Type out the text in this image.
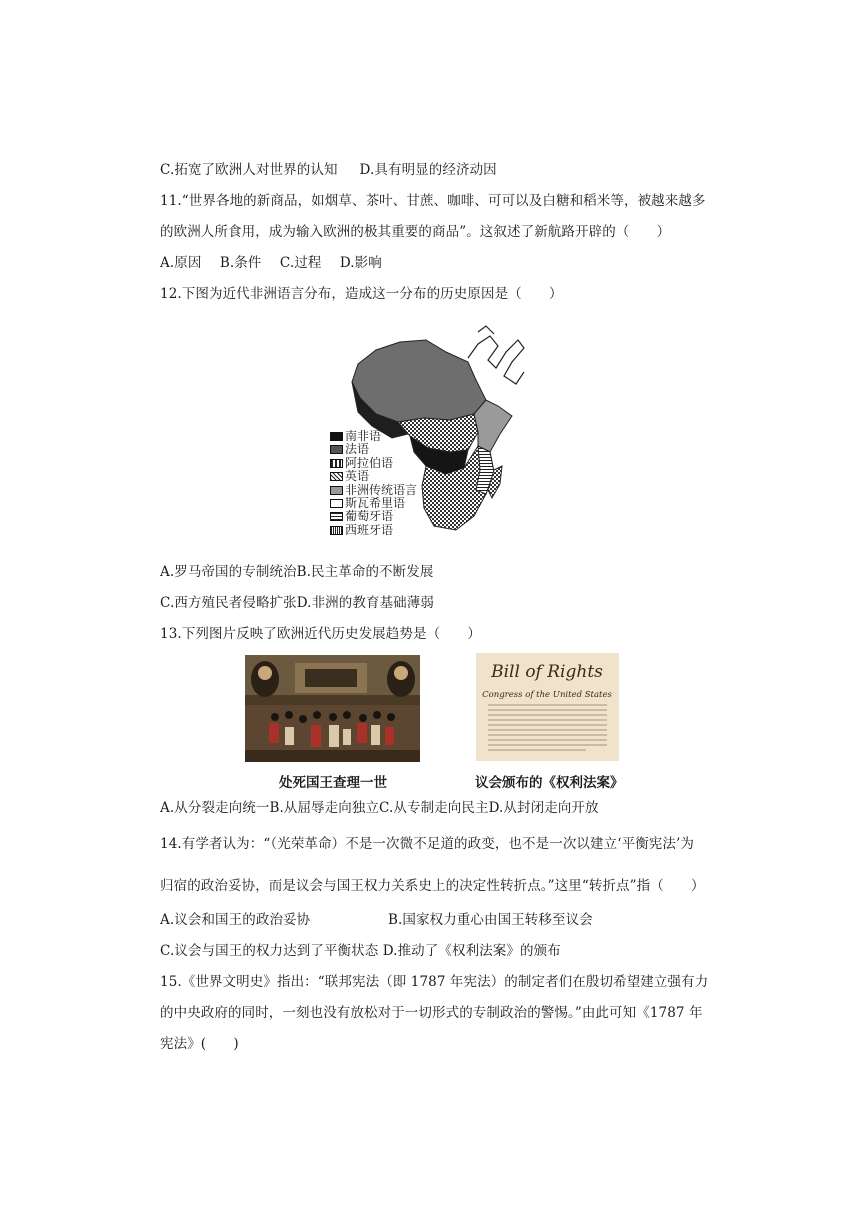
C.拓宽了欧洲人对世界的认知 D.具有明显的经济动因
11.“世界各地的新商品，如烟草、茶叶、甘蔗、咖啡、可可以及白糖和稻米等，被越来越多
的欧洲人所食用，成为输入欧洲的极其重要的商品”。这叙述了新航路开辟的（　　）
A.原因 B.条件 C.过程 D.影响
12.下图为近代非洲语言分布，造成这一分布的历史原因是（　　）
南非语
法语
阿拉伯语
英语
非洲传统语言
斯瓦希里语
葡萄牙语
西班牙语
A.罗马帝国的专制统治B.民主革命的不断发展
C.西方殖民者侵略扩张D.非洲的教育基础薄弱
13.下列图片反映了欧洲近代历史发展趋势是（　　）
Bill of Rights
Congress of the United States
处死国王查理一世	议会颁布的《权利法案》
A.从分裂走向统一B.从屈辱走向独立C.从专制走向民主D.从封闭走向开放
14.有学者认为：“（光荣革命）不是一次微不足道的政变，也不是一次以建立‘平衡宪法’为
归宿的政治妥协，而是议会与国王权力关系史上的决定性转折点。”这里“转折点”指（　　）
A.议会和国王的政治妥协	B.国家权力重心由国王转移至议会
C.议会与国王的权力达到了平衡状态 D.推动了《权利法案》的颁布
15.《世界文明史》指出：“联邦宪法（即 1787 年宪法）的制定者们在殷切希望建立强有力
的中央政府的同时，一刻也没有放松对于一切形式的专制政治的警惕。”由此可知《1787 年
宪法》(　　)
